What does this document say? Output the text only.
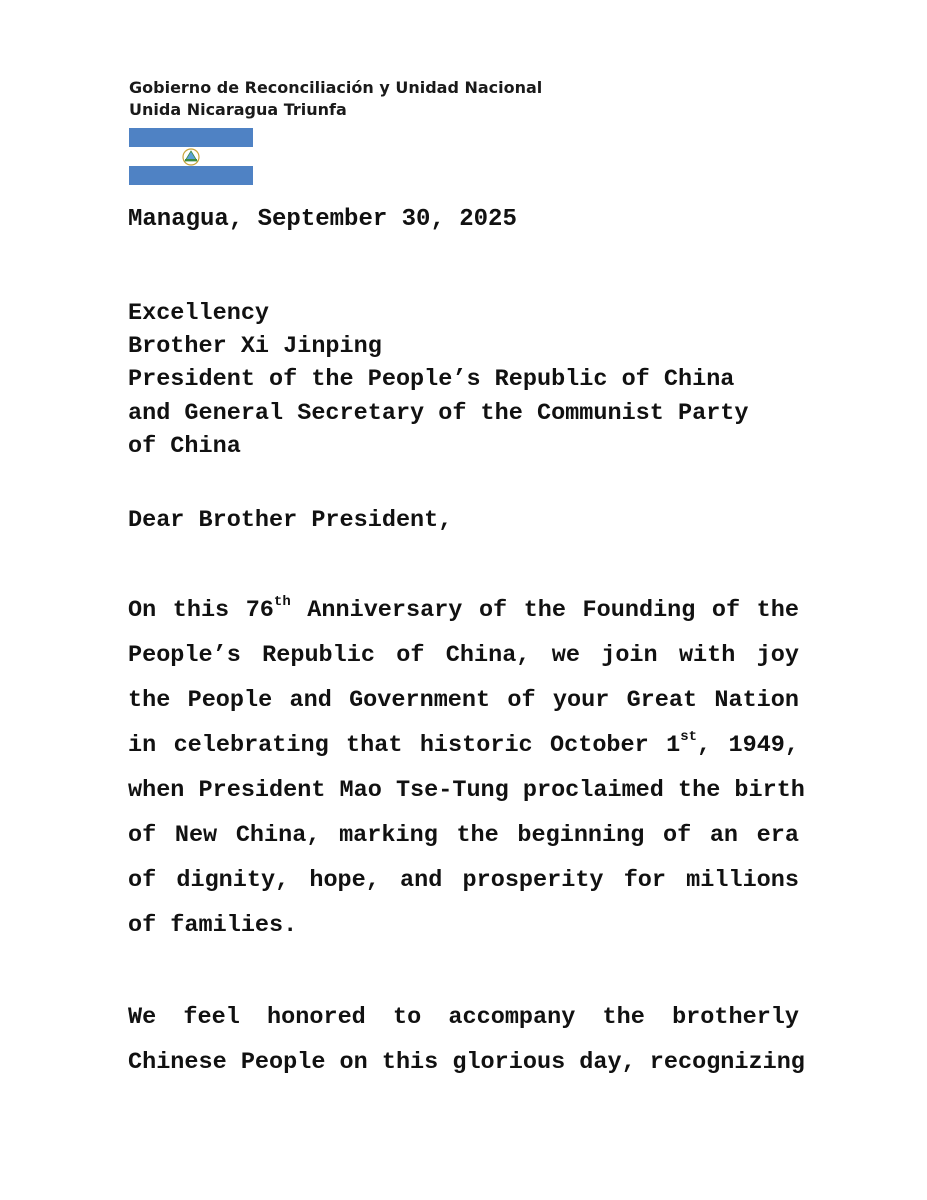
Gobierno de Reconciliación y Unidad Nacional
Unida Nicaragua Triunfa
Managua, September 30, 2025
Excellency
Brother Xi Jinping
President of the People’s Republic of China
and General Secretary of the Communist Party
of China
Dear Brother President,
On this 76th Anniversary of the Founding of the
People’s Republic of China, we join with joy
the People and Government of your Great Nation
in celebrating that historic October 1st, 1949,
when President Mao Tse-Tung proclaimed the birth
of New China, marking the beginning of an era
of dignity, hope, and prosperity for millions
of families.
We feel honored to accompany the brotherly
Chinese People on this glorious day, recognizing
